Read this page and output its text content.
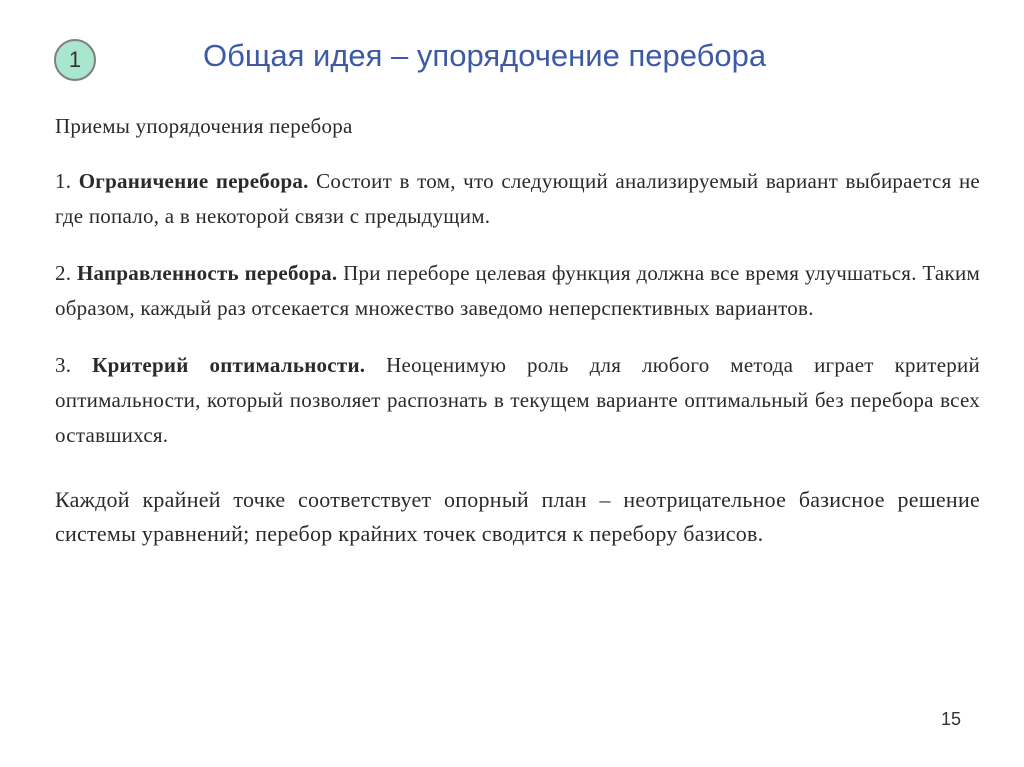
1	Общая идея – упорядочение перебора
Приемы упорядочения перебора
1. Ограничение перебора. Состоит в том, что следующий анализируемый вариант выбирается не где попало, а в некоторой связи с предыдущим.
2. Направленность перебора. При переборе целевая функция должна все время улучшаться. Таким образом, каждый раз отсекается множество заведомо неперспективных вариантов.
3. Критерий оптимальности. Неоценимую роль для любого метода играет критерий оптимальности, который позволяет распознать в текущем варианте оптимальный без перебора всех оставшихся.
Каждой крайней точке соответствует опорный план – неотрицательное базисное решение системы уравнений; перебор крайних точек сводится к перебору базисов.
15
